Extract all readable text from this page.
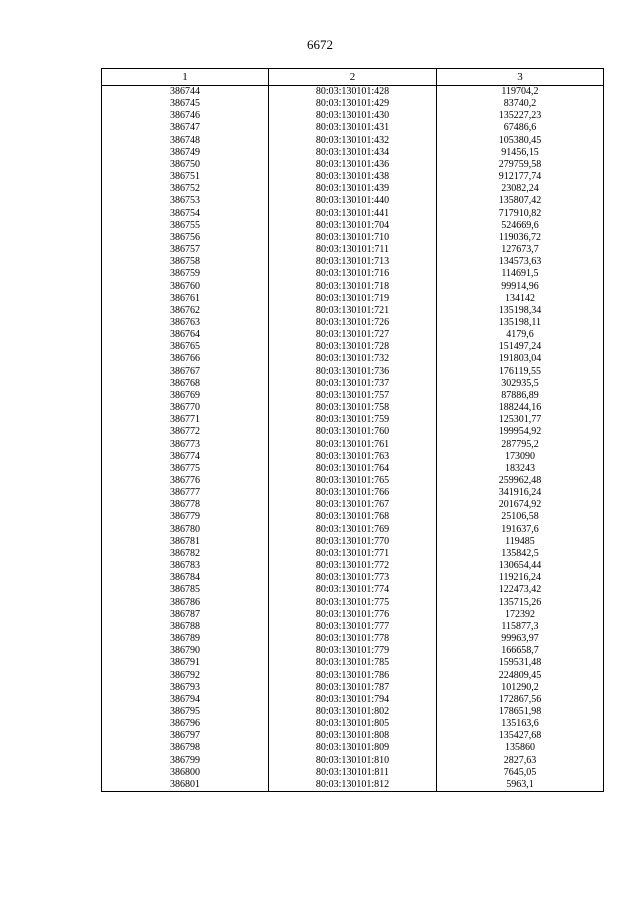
6672
1	2	3
386744	80:03:130101:428	119704,2
386745	80:03:130101:429	83740,2
386746	80:03:130101:430	135227,23
386747	80:03:130101:431	67486,6
386748	80:03:130101:432	105380,45
386749	80:03:130101:434	91456,15
386750	80:03:130101:436	279759,58
386751	80:03:130101:438	912177,74
386752	80:03:130101:439	23082,24
386753	80:03:130101:440	135807,42
386754	80:03:130101:441	717910,82
386755	80:03:130101:704	524669,6
386756	80:03:130101:710	119036,72
386757	80:03:130101:711	127673,7
386758	80:03:130101:713	134573,63
386759	80:03:130101:716	114691,5
386760	80:03:130101:718	99914,96
386761	80:03:130101:719	134142
386762	80:03:130101:721	135198,34
386763	80:03:130101:726	135198,11
386764	80:03:130101:727	4179,6
386765	80:03:130101:728	151497,24
386766	80:03:130101:732	191803,04
386767	80:03:130101:736	176119,55
386768	80:03:130101:737	302935,5
386769	80:03:130101:757	87886,89
386770	80:03:130101:758	188244,16
386771	80:03:130101:759	125301,77
386772	80:03:130101:760	199954,92
386773	80:03:130101:761	287795,2
386774	80:03:130101:763	173090
386775	80:03:130101:764	183243
386776	80:03:130101:765	259962,48
386777	80:03:130101:766	341916,24
386778	80:03:130101:767	201674,92
386779	80:03:130101:768	25106,58
386780	80:03:130101:769	191637,6
386781	80:03:130101:770	119485
386782	80:03:130101:771	135842,5
386783	80:03:130101:772	130654,44
386784	80:03:130101:773	119216,24
386785	80:03:130101:774	122473,42
386786	80:03:130101:775	135715,26
386787	80:03:130101:776	172392
386788	80:03:130101:777	115877,3
386789	80:03:130101:778	99963,97
386790	80:03:130101:779	166658,7
386791	80:03:130101:785	159531,48
386792	80:03:130101:786	224809,45
386793	80:03:130101:787	101290,2
386794	80:03:130101:794	172867,56
386795	80:03:130101:802	178651,98
386796	80:03:130101:805	135163,6
386797	80:03:130101:808	135427,68
386798	80:03:130101:809	135860
386799	80:03:130101:810	2827,63
386800	80:03:130101:811	7645,05
386801	80:03:130101:812	5963,1
